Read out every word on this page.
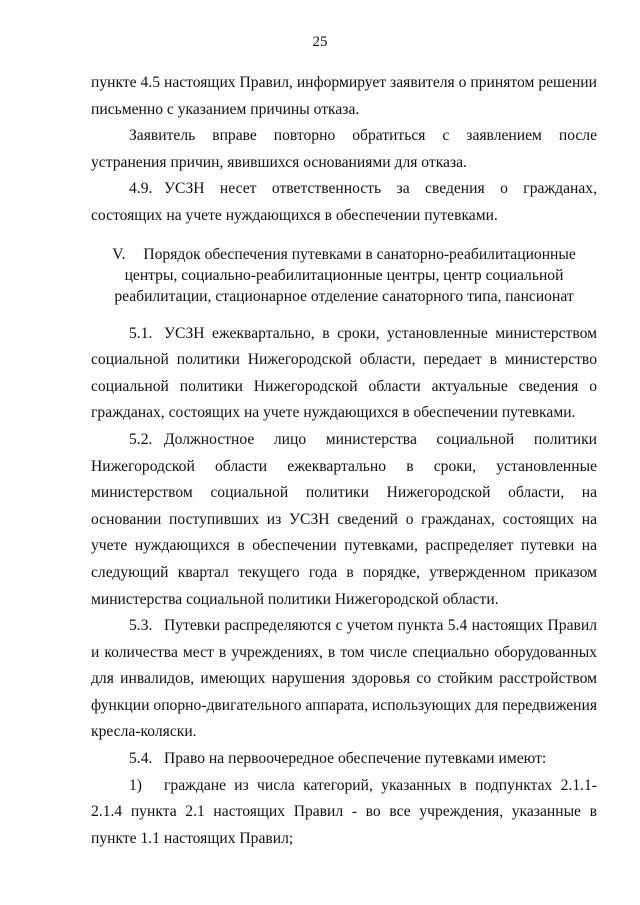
25

пункте 4.5 настоящих Правил, информирует заявителя о принятом решении письменно с указанием причины отказа.

Заявитель вправе повторно обратиться с заявлением после устранения причин, явившихся основаниями для отказа.

4.9. УСЗН несет ответственность за сведения о гражданах, состоящих на учете нуждающихся в обеспечении путевками.

V. Порядок обеспечения путевками в санаторно-реабилитационные
центры, социально-реабилитационные центры, центр социальной
реабилитации, стационарное отделение санаторного типа, пансионат

5.1. УСЗН ежеквартально, в сроки, установленные министерством социальной политики Нижегородской области, передает в министерство социальной политики Нижегородской области актуальные сведения о гражданах, состоящих на учете нуждающихся в обеспечении путевками.

5.2. Должностное лицо министерства социальной политики Нижегородской области ежеквартально в сроки, установленные министерством социальной политики Нижегородской области, на основании поступивших из УСЗН сведений о гражданах, состоящих на учете нуждающихся в обеспечении путевками, распределяет путевки на следующий квартал текущего года в порядке, утвержденном приказом министерства социальной политики Нижегородской области.

5.3. Путевки распределяются с учетом пункта 5.4 настоящих Правил и количества мест в учреждениях, в том числе специально оборудованных для инвалидов, имеющих нарушения здоровья со стойким расстройством функции опорно-двигательного аппарата, использующих для передвижения кресла-коляски.

5.4. Право на первоочередное обеспечение путевками имеют:

1) граждане из числа категорий, указанных в подпунктах 2.1.1-2.1.4 пункта 2.1 настоящих Правил - во все учреждения, указанные в пункте 1.1 настоящих Правил;
